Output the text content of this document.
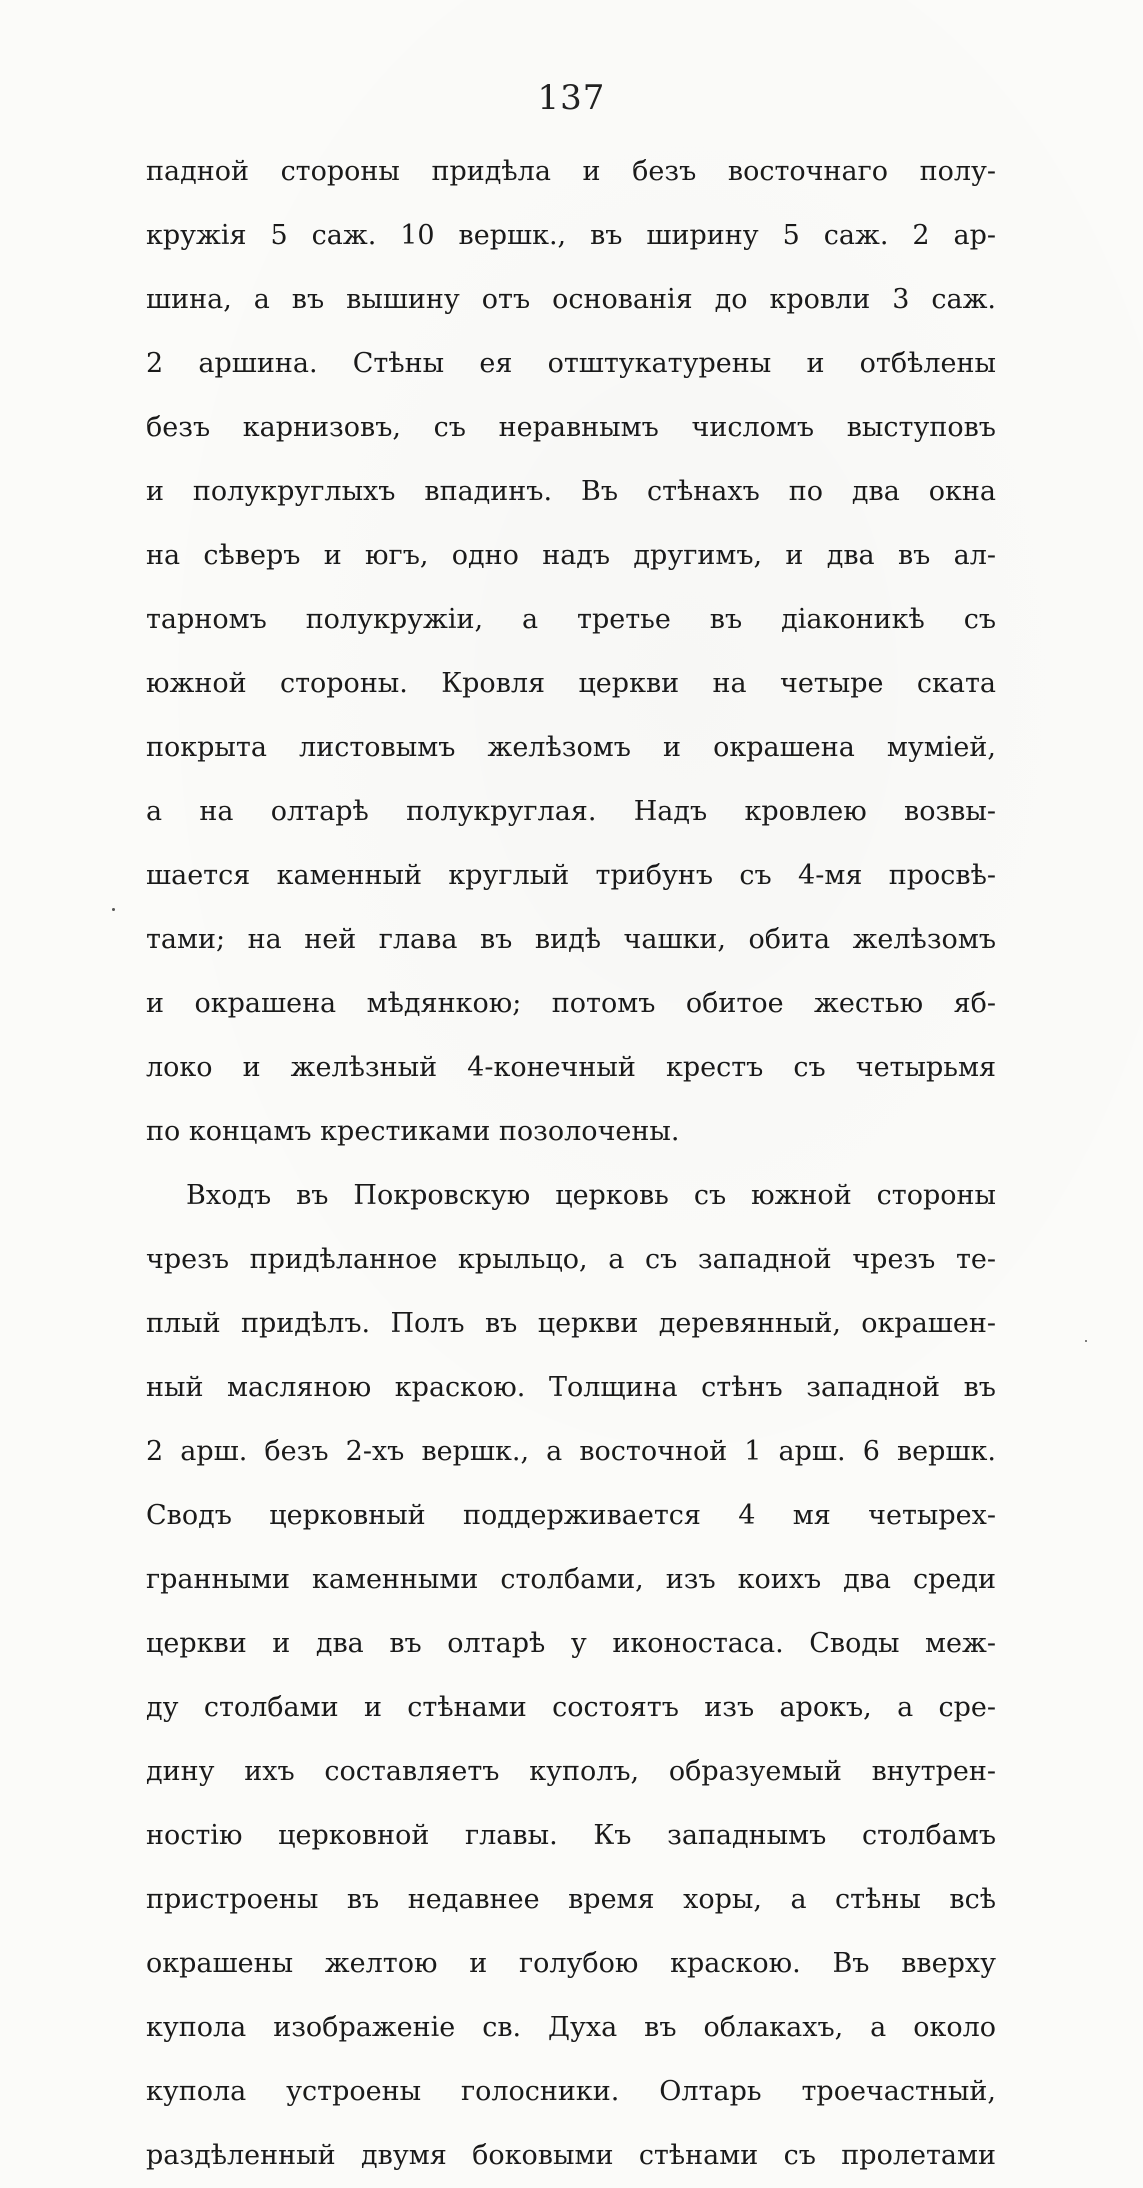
137
падной стороны придѣла и безъ восточнаго полу-
кружія 5 саж. 10 вершк., въ ширину 5 саж. 2 ар-
шина, а въ вышину отъ основанія до кровли 3 саж.
2 аршина. Стѣны ея отштукатурены и отбѣлены
безъ карнизовъ, съ неравнымъ числомъ выступовъ
и полукруглыхъ впадинъ. Въ стѣнахъ по два окна
на сѣверъ и югъ, одно надъ другимъ, и два въ ал-
тарномъ полукружіи, а третье въ діаконикѣ съ
южной стороны. Кровля церкви на четыре ската
покрыта листовымъ желѣзомъ и окрашена муміей,
а на олтарѣ полукруглая. Надъ кровлею возвы-
шается каменный круглый трибунъ съ 4-мя просвѣ-
тами; на ней глава въ видѣ чашки, обита желѣзомъ
и окрашена мѣдянкою; потомъ обитое жестью яб-
локо и желѣзный 4-конечный крестъ съ четырьмя
по концамъ крестиками позолочены.
Входъ въ Покровскую церковь съ южной стороны
чрезъ придѣланное крыльцо, а съ западной чрезъ те-
плый придѣлъ. Полъ въ церкви деревянный, окрашен-
ный масляною краскою. Толщина стѣнъ западной въ
2 арш. безъ 2-хъ вершк., а восточной 1 арш. 6 вершк.
Сводъ церковный поддерживается 4 мя четырех-
гранными каменными столбами, изъ коихъ два среди
церкви и два въ олтарѣ у иконостаса. Своды меж-
ду столбами и стѣнами состоятъ изъ арокъ, а сре-
дину ихъ составляетъ куполъ, образуемый внутрен-
ностію церковной главы. Къ западнымъ столбамъ
пристроены въ недавнее время хоры, а стѣны всѣ
окрашены желтою и голубою краскою. Въ вверху
купола изображеніе св. Духа въ облакахъ, а около
купола устроены голосники. Олтарь троечастный,
раздѣленный двумя боковыми стѣнами съ пролетами
